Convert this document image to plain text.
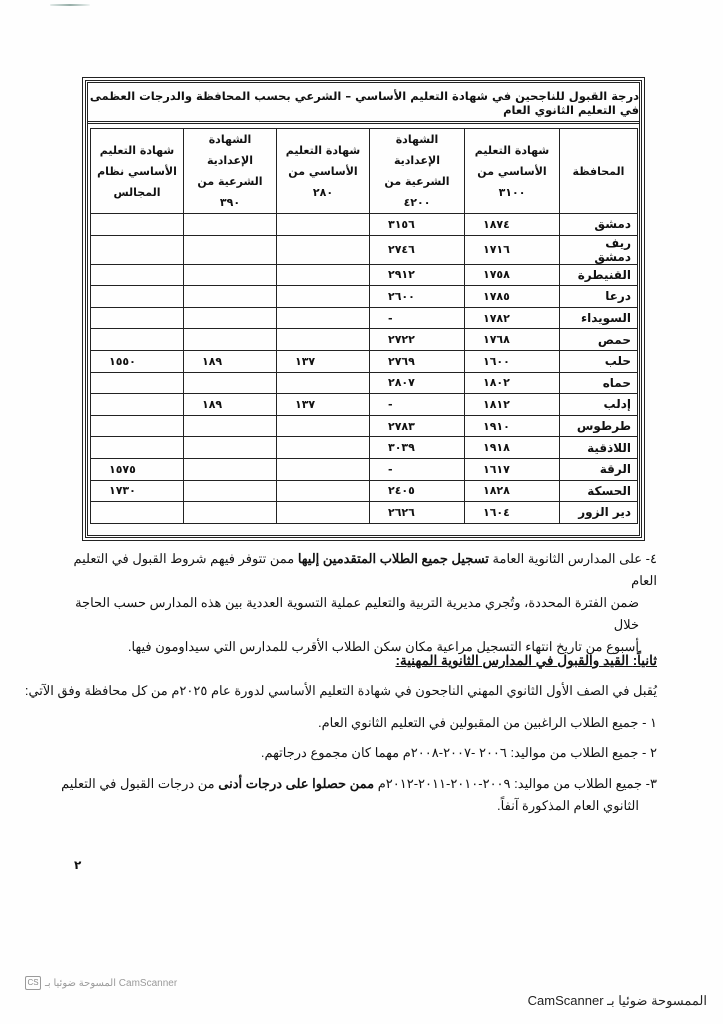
درجة القبول للناجحين في شهادة التعليم الأساسي – الشرعي بحسب المحافظة والدرجات العظمى في التعليم الثانوي العام
المحافظة	شهادة التعليم الأساسي من ٣١٠٠	الشهادة الإعدادية الشرعية من ٤٢٠٠	شهادة التعليم الأساسي من ٢٨٠	الشهادة الإعدادية الشرعية من ٣٩٠	شهادة التعليم الأساسي نظام المجالس
دمشق	١٨٧٤	٣١٥٦			
ريف دمشق	١٧١٦	٢٧٤٦			
القنيطرة	١٧٥٨	٢٩١٢			
درعا	١٧٨٥	٢٦٠٠			
السويداء	١٧٨٢	-			
حمص	١٧٦٨	٢٧٢٢			
حلب	١٦٠٠	٢٧٦٩	١٣٧	١٨٩	١٥٥٠
حماه	١٨٠٢	٢٨٠٧			
إدلب	١٨١٢	-	١٣٧	١٨٩	
طرطوس	١٩١٠	٢٧٨٣			
اللاذقية	١٩١٨	٣٠٣٩			
الرقة	١٦١٧	-			١٥٧٥
الحسكة	١٨٢٨	٢٤٠٥			١٧٣٠
دير الزور	١٦٠٤	٢٦٢٦			
٤- على المدارس الثانوية العامة تسجيل جميع الطلاب المتقدمين إليها ممن تتوفر فيهم شروط القبول في التعليم العام
ضمن الفترة المحددة، وتُجري مديرية التربية والتعليم عملية التسوية العددية بين هذه المدارس حسب الحاجة خلال
أسبوع من تاريخ انتهاء التسجيل مراعية مكان سكن الطلاب الأقرب للمدارس التي سيداومون فيها.
ثانياً: القيد والقبول في المدارس الثانوية المهنية:
يُقبل في الصف الأول الثانوي المهني الناجحون في شهادة التعليم الأساسي لدورة عام ٢٠٢٥م من كل محافظة وفق الآتي:
١ - جميع الطلاب الراغبين من المقبولين في التعليم الثانوي العام.
٢ - جميع الطلاب من مواليد: ٢٠٠٦ -٢٠٠٧-٢٠٠٨م مهما كان مجموع درجاتهم.
٣- جميع الطلاب من مواليد: ٢٠٠٩-٢٠١٠-٢٠١١-٢٠١٢م ممن حصلوا على درجات أدنى من درجات القبول في التعليم
الثانوي العام المذكورة آنفاً.
٢
CS المسوحة ضوئيا بـ CamScanner
الممسوحة ضوئيا بـ CamScanner
